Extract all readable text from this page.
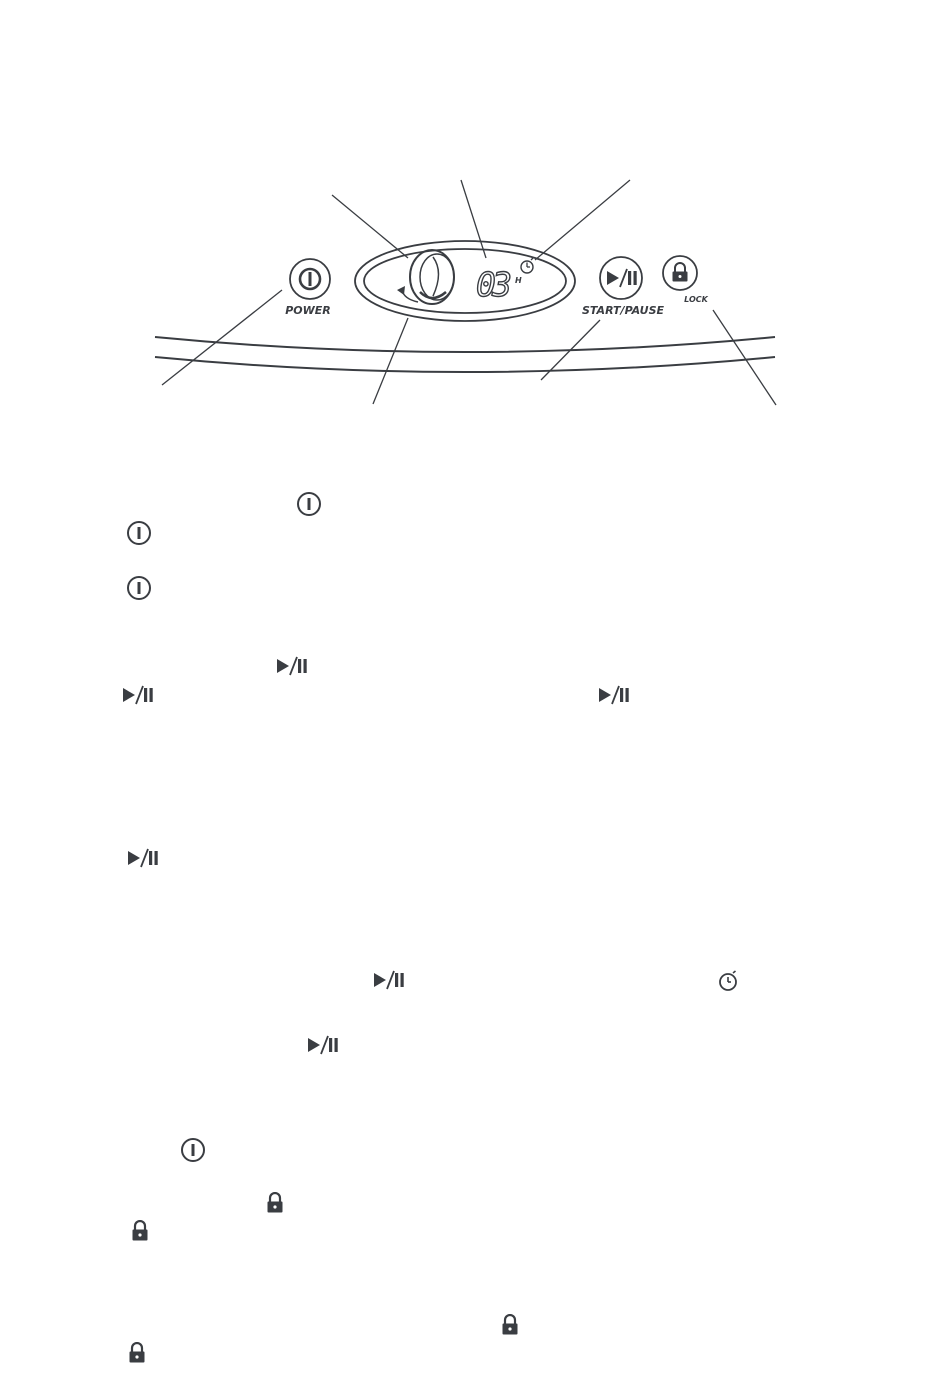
POWER
03 H
START/PAUSE
LOCK
